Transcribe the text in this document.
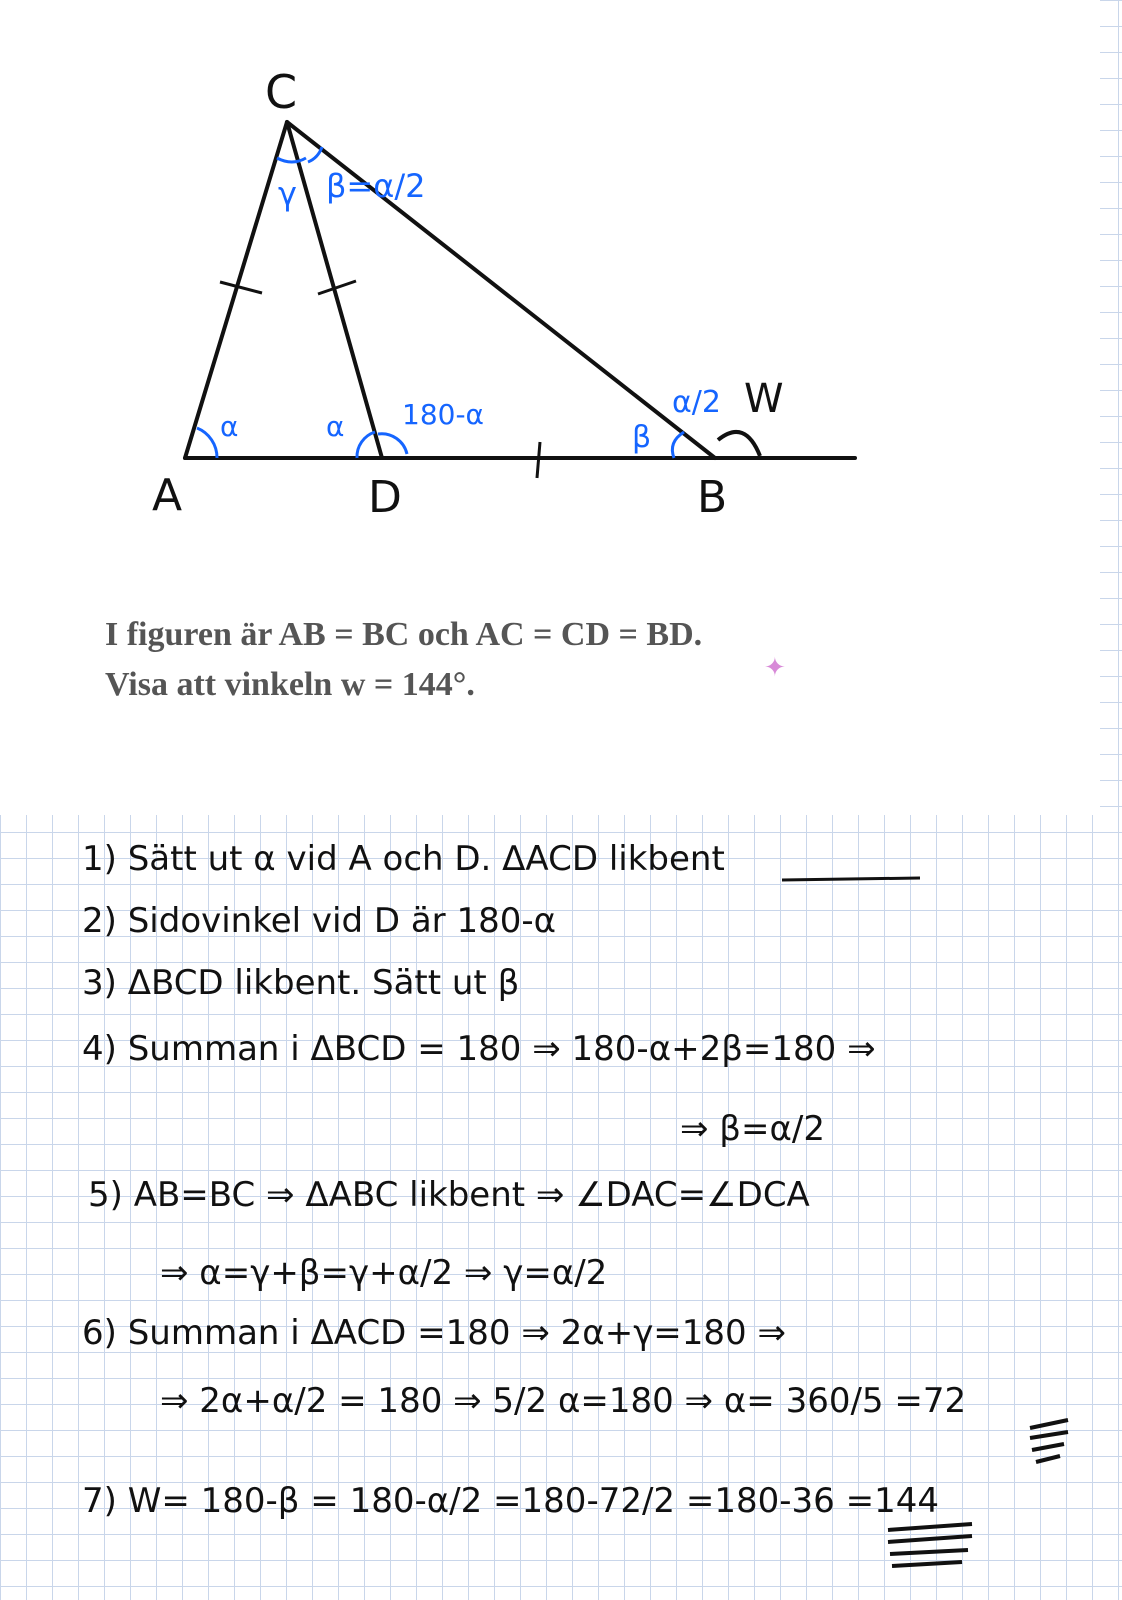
C
A	D	B
α	α 180-α
γ β=α/2
β
α/2 W
✦
I figuren är AB = BC och AC = CD = BD.
Visa att vinkeln w = 144°.
1) Sätt ut α vid A och D. ΔACD likbent
2) Sidovinkel vid D är 180-α
3) ΔBCD likbent. Sätt ut β
4) Summan i ΔBCD = 180 ⇒ 180-α+2β=180 ⇒
⇒ β=α/2
5) AB=BC ⇒ ΔABC likbent ⇒ ∠DAC=∠DCA
⇒ α=γ+β=γ+α/2 ⇒ γ=α/2
6) Summan i ΔACD =180 ⇒ 2α+γ=180 ⇒
⇒ 2α+α/2 = 180 ⇒ 5/2 α=180 ⇒ α= 360/5 =72
7) W= 180-β = 180-α/2 =180-72/2 =180-36 =144
